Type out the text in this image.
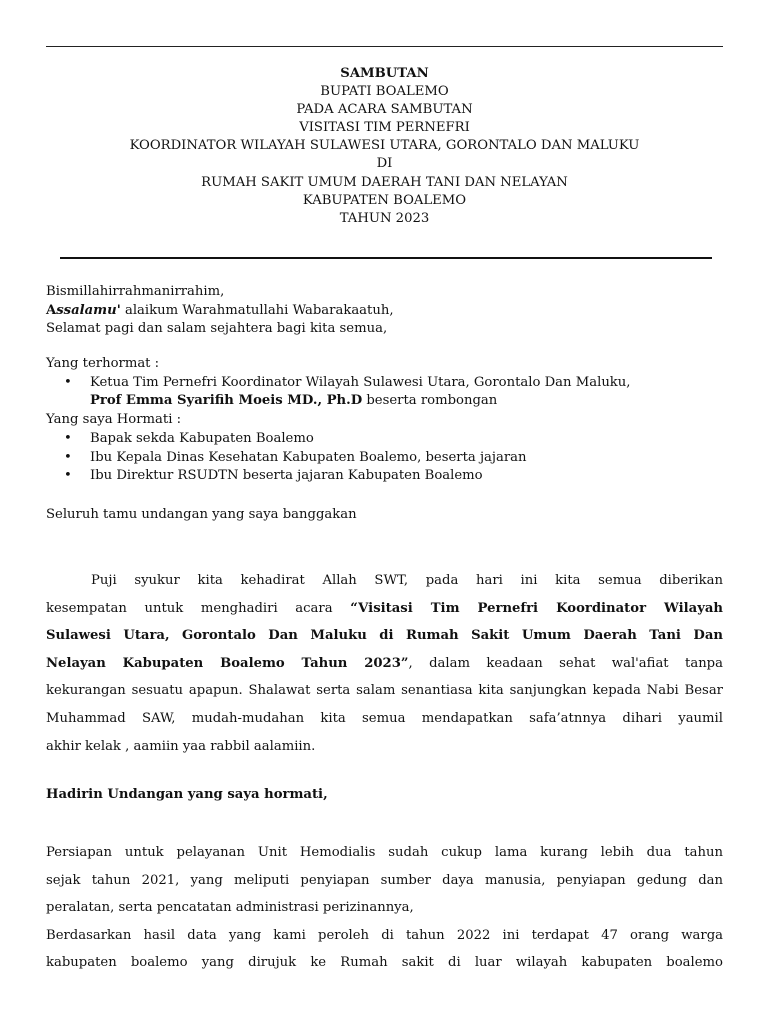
SAMBUTAN
BUPATI BOALEMO
PADA ACARA SAMBUTAN
VISITASI TIM PERNEFRI
KOORDINATOR WILAYAH SULAWESI UTARA, GORONTALO DAN MALUKU
DI
RUMAH SAKIT UMUM DAERAH TANI DAN NELAYAN
KABUPATEN BOALEMO
TAHUN 2023
Bismillahirrahmanirrahim,
Assalamu' alaikum Warahmatullahi Wabarakaatuh,
Selamat pagi dan salam sejahtera bagi kita semua,
Yang terhormat :
• Ketua Tim Pernefri Koordinator Wilayah Sulawesi Utara, Gorontalo Dan Maluku,
Prof Emma Syarifih Moeis MD., Ph.D beserta rombongan
Yang saya Hormati :
• Bapak sekda Kabupaten Boalemo
• Ibu Kepala Dinas Kesehatan Kabupaten Boalemo, beserta jajaran
• Ibu Direktur RSUDTN beserta jajaran Kabupaten Boalemo
Seluruh tamu undangan yang saya banggakan
Puji syukur kita kehadirat Allah SWT, pada hari ini kita semua diberikan
kesempatan untuk menghadiri acara “Visitasi Tim Pernefri Koordinator Wilayah
Sulawesi Utara, Gorontalo Dan Maluku di Rumah Sakit Umum Daerah Tani Dan
Nelayan Kabupaten Boalemo Tahun 2023”, dalam keadaan sehat wal'afiat tanpa
kekurangan sesuatu apapun. Shalawat serta salam senantiasa kita sanjungkan kepada Nabi Besar
Muhammad SAW, mudah-mudahan kita semua mendapatkan safa’atnnya dihari yaumil
akhir kelak , aamiin yaa rabbil aalamiin.
Hadirin Undangan yang saya hormati,
Persiapan untuk pelayanan Unit Hemodialis sudah cukup lama kurang lebih dua tahun
sejak tahun 2021, yang meliputi penyiapan sumber daya manusia, penyiapan gedung dan
peralatan, serta pencatatan administrasi perizinannya,
Berdasarkan hasil data yang kami peroleh di tahun 2022 ini terdapat 47 orang warga
kabupaten boalemo yang dirujuk ke Rumah sakit di luar wilayah kabupaten boalemo
